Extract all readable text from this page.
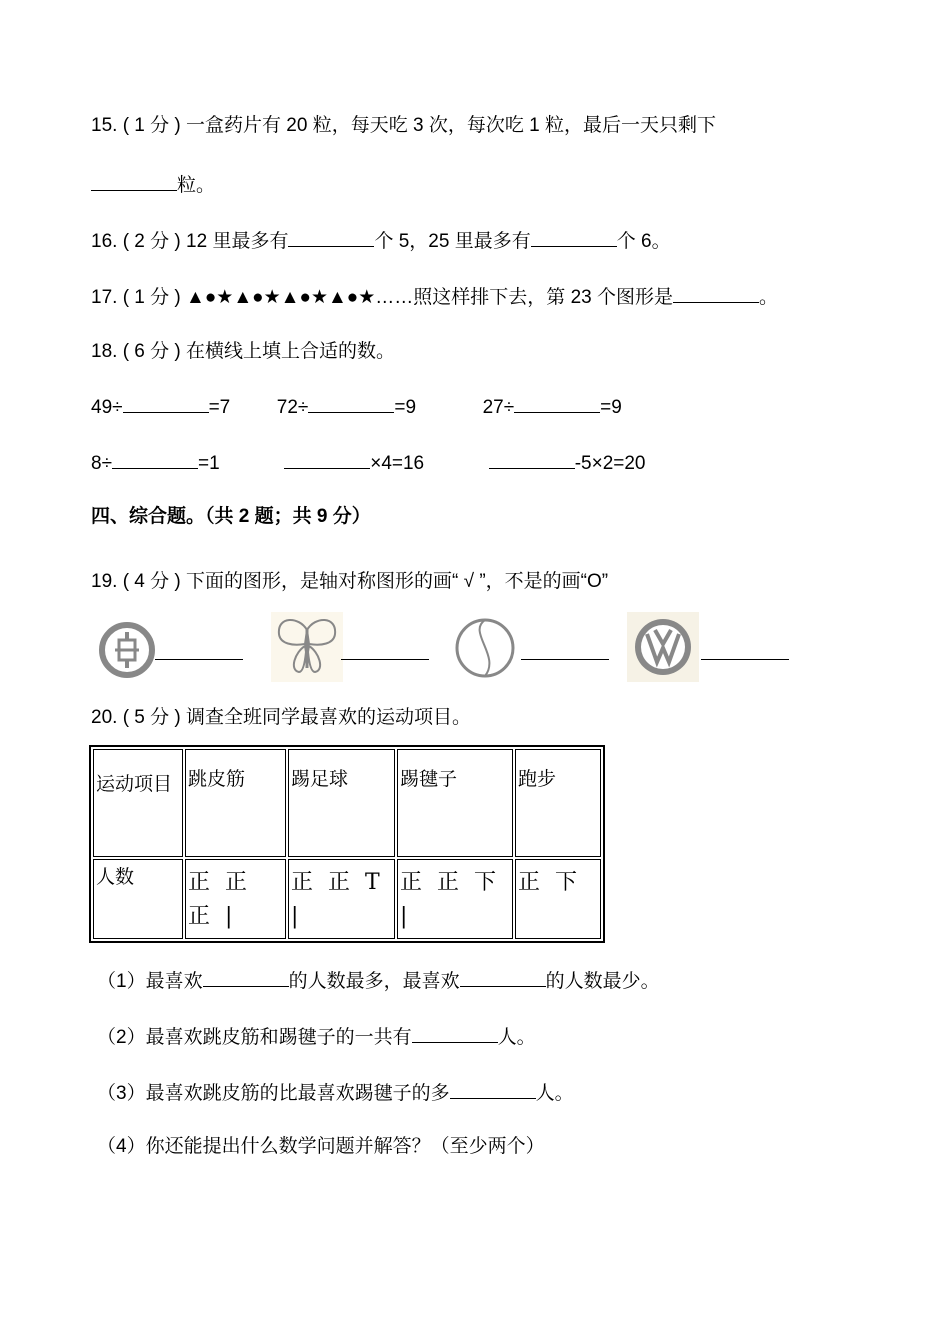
15. ( 1 分 ) 一盒药片有 20 粒，每天吃 3 次，每次吃 1 粒，最后一天只剩下
粒。
16. ( 2 分 ) 12 里最多有	个 5，25 里最多有	个 6。
17. ( 1 分 ) ▲●★▲●★▲●★▲●★……照这样排下去，第 23 个图形是	。
18. ( 6 分 ) 在横线上填上合适的数。
49÷	=7 72÷	=9	27÷	=9
8÷	=1	×4=16	-5×2=20
四、综合题。（共 2 题；共 9 分）
19. ( 4 分 ) 下面的图形，是轴对称图形的画“ √ ”，不是的画“O”
20. ( 5 分 ) 调查全班同学最喜欢的运动项目。
运动项目	跳皮筋	踢足球	踢毽子	跑步

人数	正 正 正 |	正 正 T |	正 正 下 |	正 下
（1）最喜欢	的人数最多，最喜欢	的人数最少。
（2）最喜欢跳皮筋和踢毽子的一共有	人。
（3）最喜欢跳皮筋的比最喜欢踢毽子的多	人。
（4）你还能提出什么数学问题并解答？（至少两个）
